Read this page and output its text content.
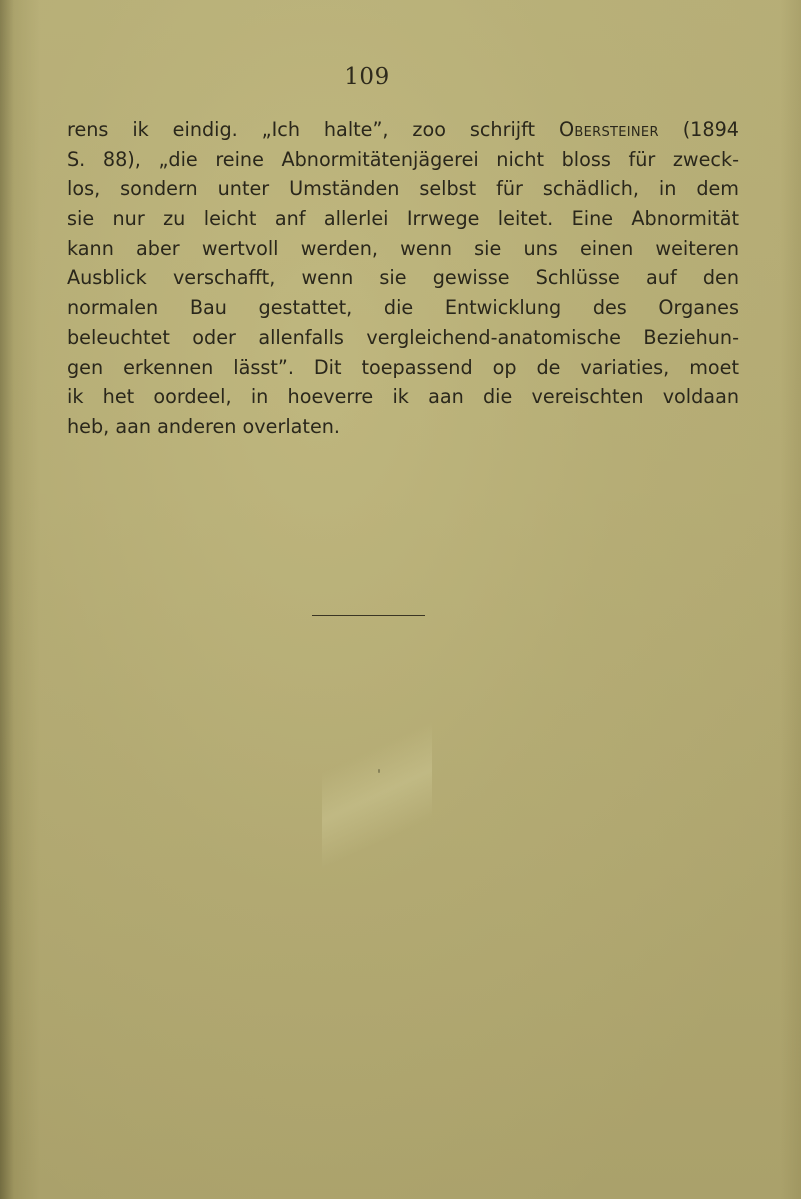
109
rens ik eindig. „Ich halte”, zoo schrijft Obersteiner (1894
S. 88), „die reine Abnormitätenjägerei nicht bloss für zweck-
los, sondern unter Umständen selbst für schädlich, in dem
sie nur zu leicht anf allerlei Irrwege leitet. Eine Abnormität
kann aber wertvoll werden, wenn sie uns einen weiteren
Ausblick verschafft, wenn sie gewisse Schlüsse auf den
normalen Bau gestattet, die Entwicklung des Organes
beleuchtet oder allenfalls vergleichend-anatomische Beziehun-
gen erkennen lässt”. Dit toepassend op de variaties, moet
ik het oordeel, in hoeverre ik aan die vereischten voldaan
heb, aan anderen overlaten.
